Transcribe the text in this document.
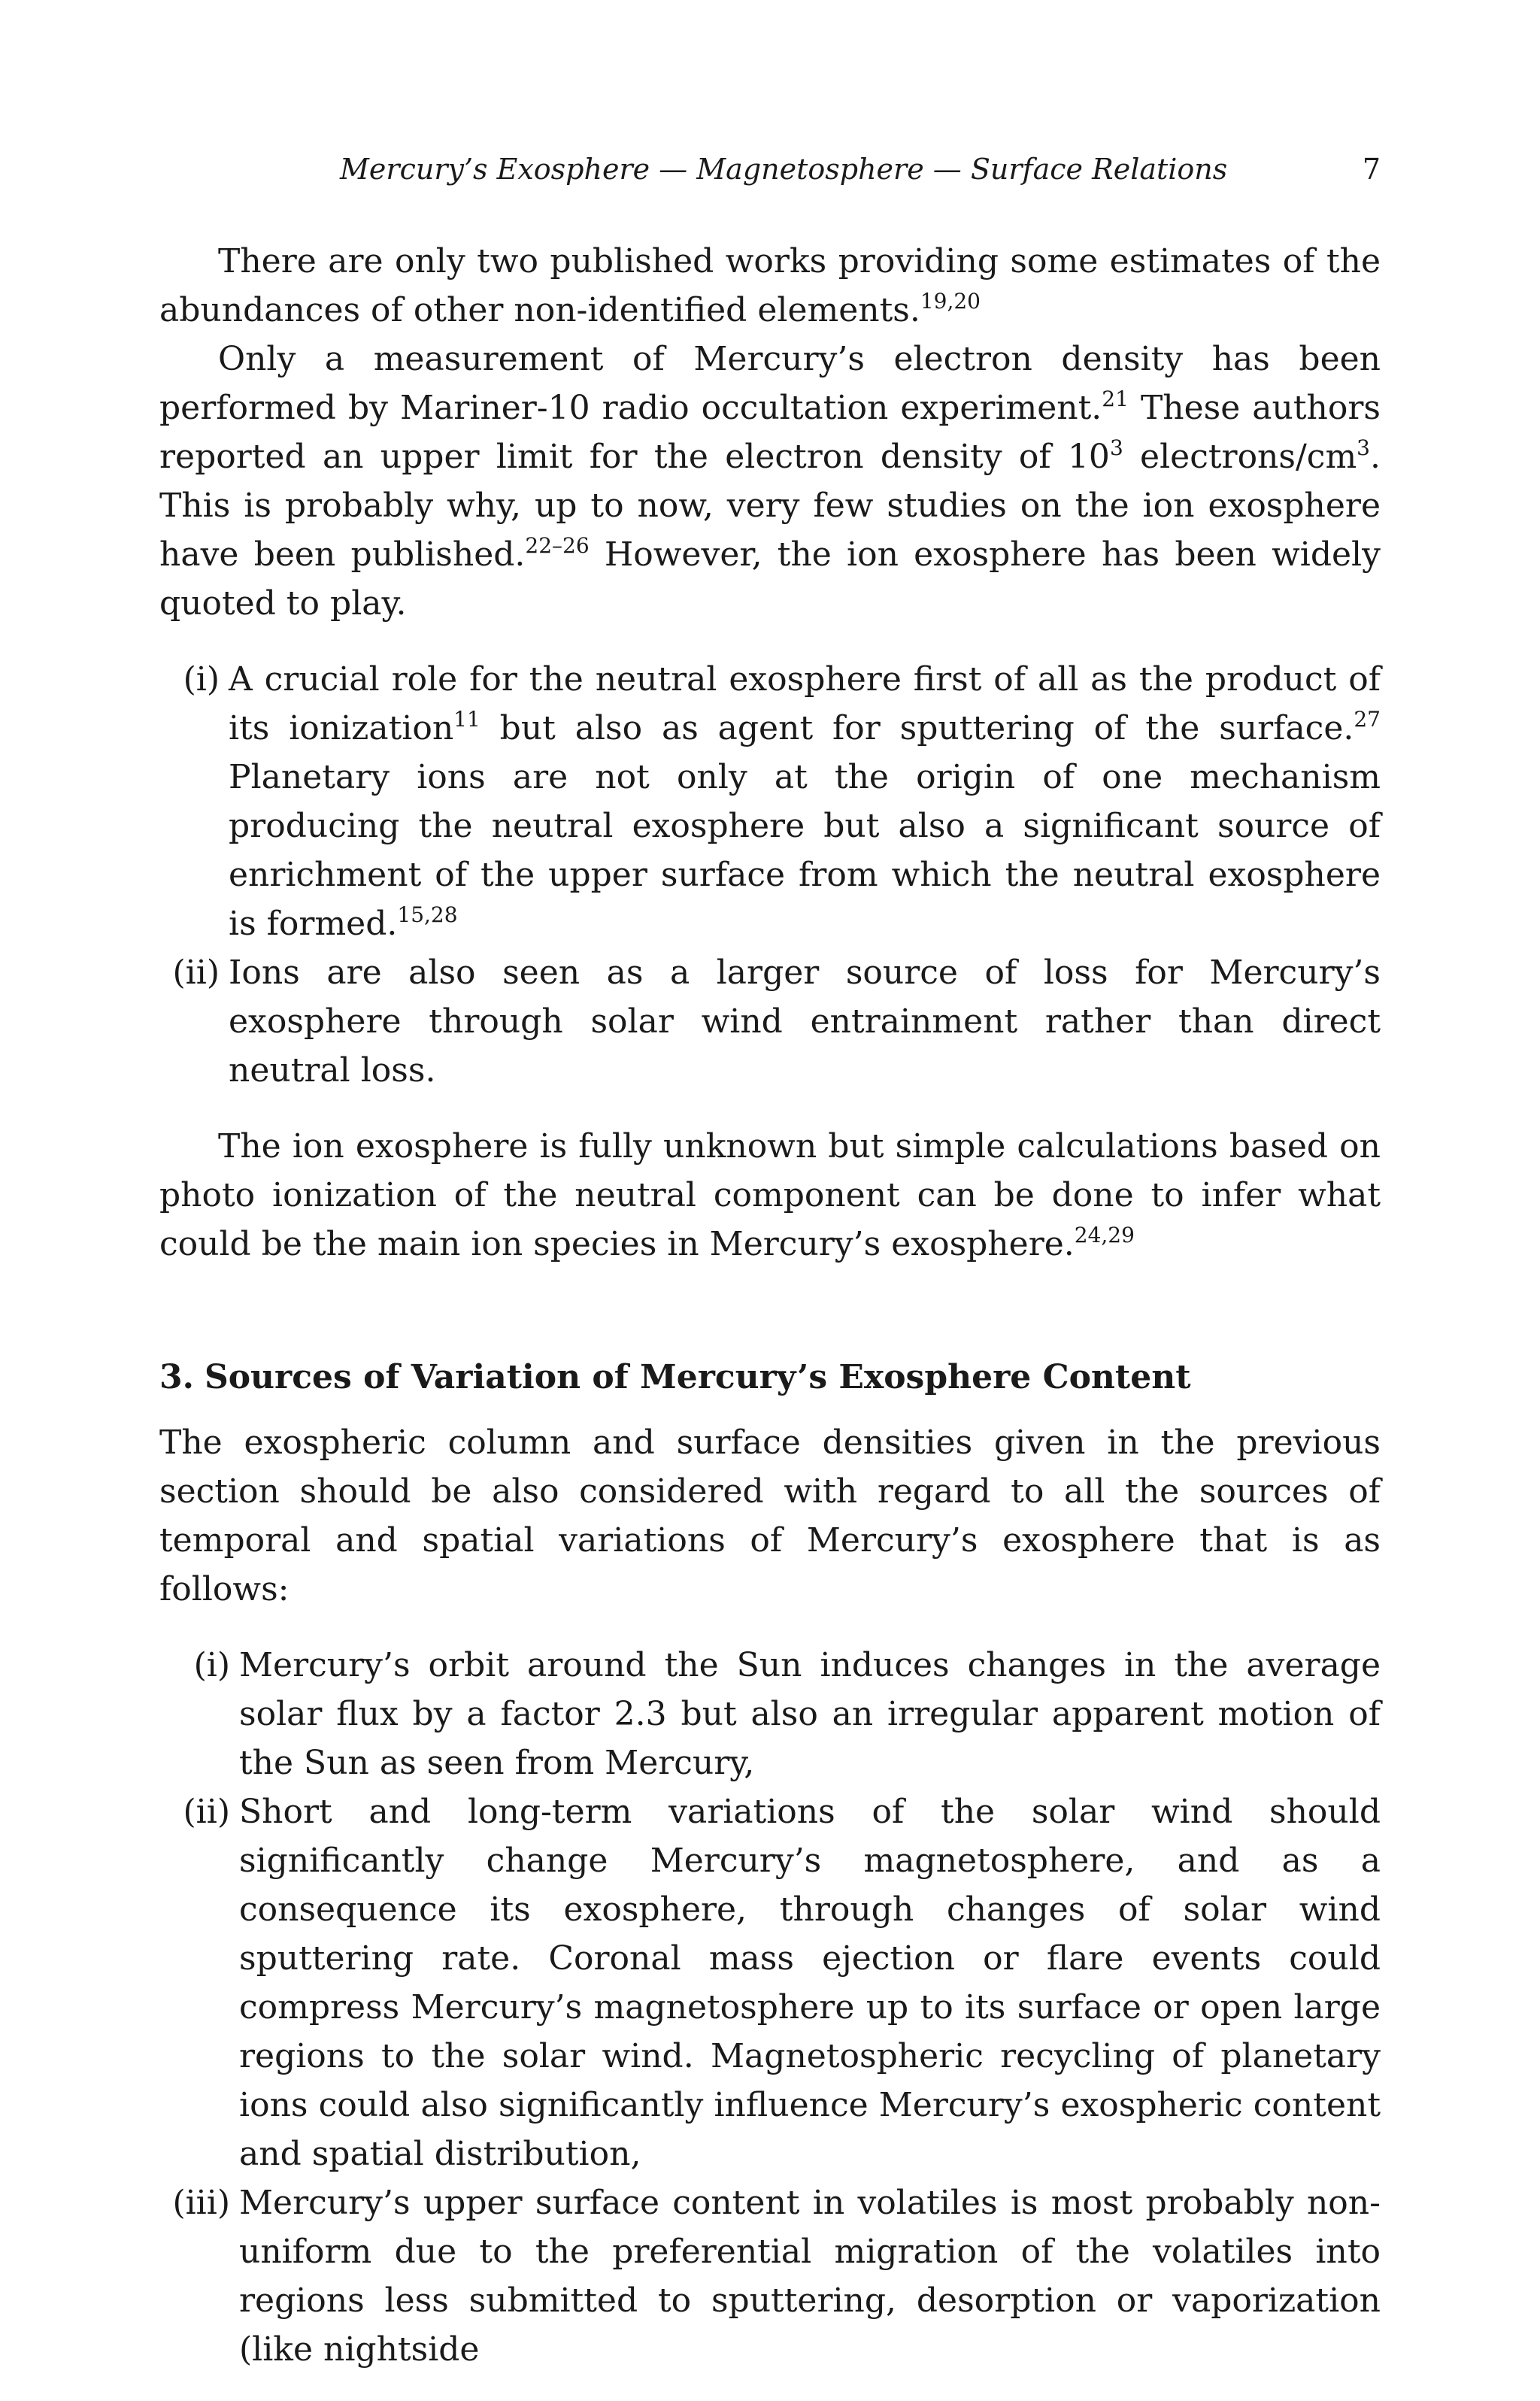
Mercury’s Exosphere — Magnetosphere — Surface Relations	7

There are only two published works providing some estimates of the abundances of other non-identified elements.$^{19,20}$

Only a measurement of Mercury’s electron density has been performed by Mariner-10 radio occultation experiment.$^{21}$ These authors reported an upper limit for the electron density of $10^3$ electrons/$cm^3$. This is probably why, up to now, very few studies on the ion exosphere have been published.$^{22-26}$ However, the ion exosphere has been widely quoted to play.

(i) A crucial role for the neutral exosphere first of all as the product of its ionization$^{11}$ but also as agent for sputtering of the surface.$^{27}$ Planetary ions are not only at the origin of one mechanism producing the neutral exosphere but also a significant source of enrichment of the upper surface from which the neutral exosphere is formed.$^{15,28}$
(ii) Ions are also seen as a larger source of loss for Mercury’s exosphere through solar wind entrainment rather than direct neutral loss.

The ion exosphere is fully unknown but simple calculations based on photo ionization of the neutral component can be done to infer what could be the main ion species in Mercury’s exosphere.$^{24,29}$

3. Sources of Variation of Mercury’s Exosphere Content

The exospheric column and surface densities given in the previous section should be also considered with regard to all the sources of temporal and spatial variations of Mercury’s exosphere that is as follows:

(i) Mercury’s orbit around the Sun induces changes in the average solar flux by a factor 2.3 but also an irregular apparent motion of the Sun as seen from Mercury,
(ii) Short and long-term variations of the solar wind should significantly change Mercury’s magnetosphere, and as a consequence its exosphere, through changes of solar wind sputtering rate. Coronal mass ejection or flare events could compress Mercury’s magnetosphere up to its surface or open large regions to the solar wind. Magnetospheric recycling of planetary ions could also significantly influence Mercury’s exospheric content and spatial distribution,
(iii) Mercury’s upper surface content in volatiles is most probably non-uniform due to the preferential migration of the volatiles into regions less submitted to sputtering, desorption or vaporization (like nightside
